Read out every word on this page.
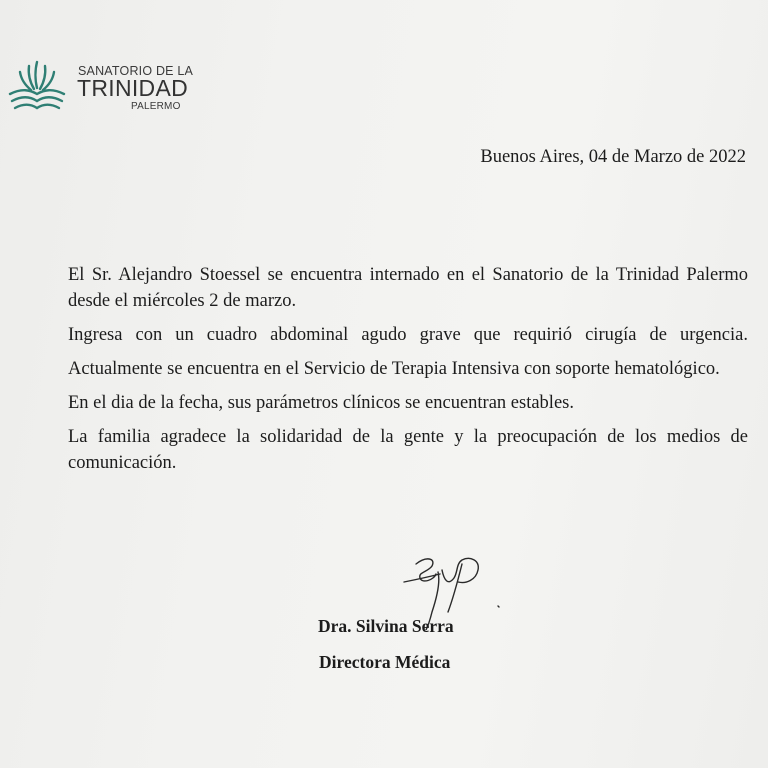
SANATORIO DE LA
TRINIDAD
PALERMO
Buenos Aires, 04 de Marzo de 2022

El Sr. Alejandro Stoessel se encuentra internado en el Sanatorio de la Trinidad Palermo desde el miércoles 2 de marzo.

Ingresa con un cuadro abdominal agudo grave que requirió cirugía de urgencia.

Actualmente se encuentra en el Servicio de Terapia Intensiva con soporte hematológico.

En el dia de la fecha, sus parámetros clínicos se encuentran estables.

La familia agradece la solidaridad de la gente y la preocupación de los medios de comunicación.

Dra. Silvina Serra
Directora Médica
